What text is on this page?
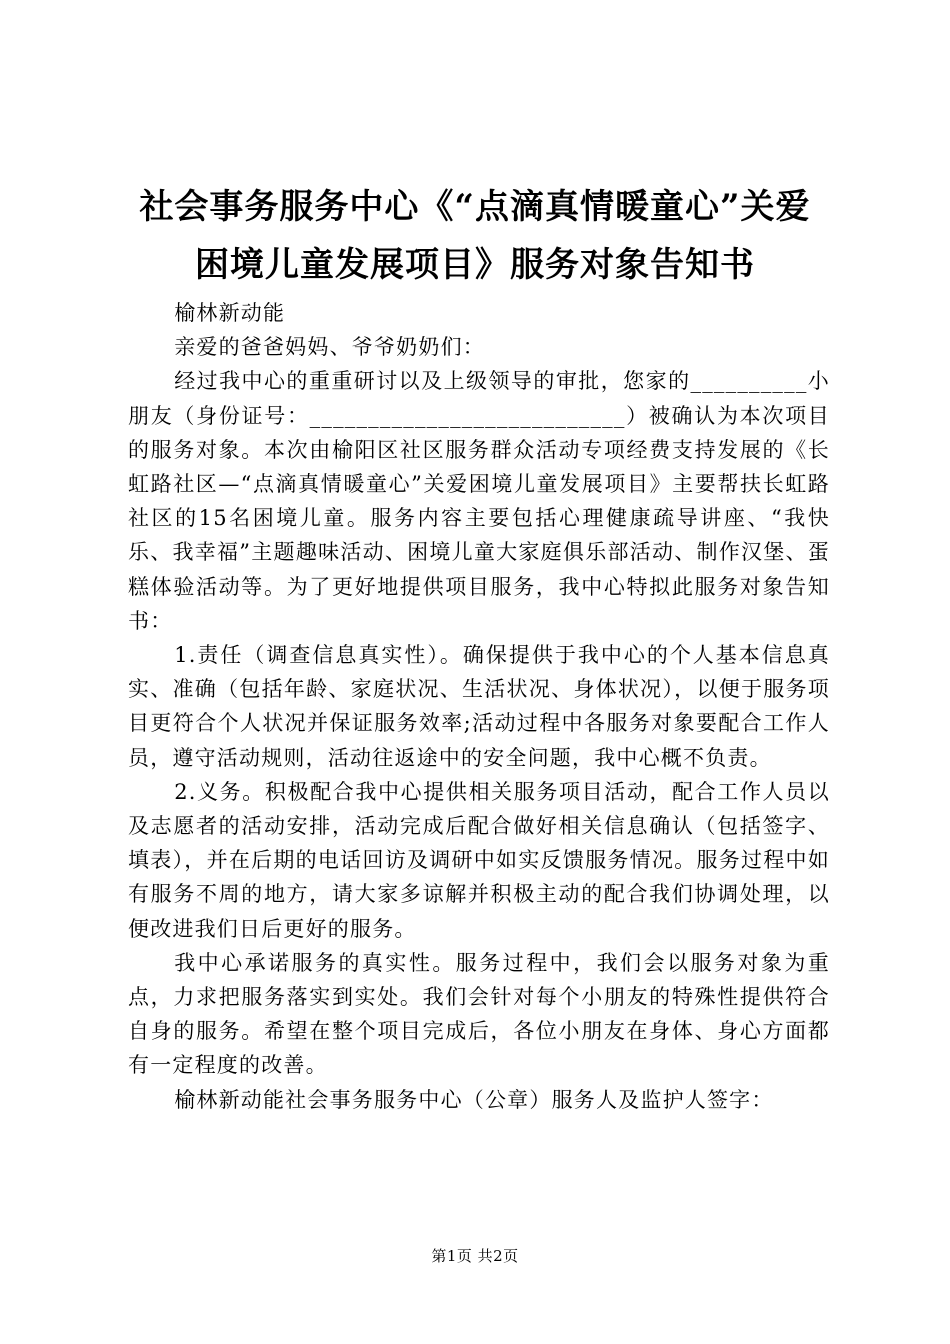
社会事务服务中心《“点滴真情暖童心”关爱
困境儿童发展项目》服务对象告知书

榆林新动能

亲爱的爸爸妈妈、爷爷奶奶们：

经过我中心的重重研讨以及上级领导的审批，您家的__________小朋友（身份证号：___________________________）被确认为本次项目的服务对象。本次由榆阳区社区服务群众活动专项经费支持发展的《长虹路社区—“点滴真情暖童心”关爱困境儿童发展项目》主要帮扶长虹路社区的15名困境儿童。服务内容主要包括心理健康疏导讲座、“我快乐、我幸福”主题趣味活动、困境儿童大家庭俱乐部活动、制作汉堡、蛋糕体验活动等。为了更好地提供项目服务，我中心特拟此服务对象告知书：

1.责任（调查信息真实性）。确保提供于我中心的个人基本信息真实、准确（包括年龄、家庭状况、生活状况、身体状况），以便于服务项目更符合个人状况并保证服务效率;活动过程中各服务对象要配合工作人员，遵守活动规则，活动往返途中的安全问题，我中心概不负责。

2.义务。积极配合我中心提供相关服务项目活动，配合工作人员以及志愿者的活动安排，活动完成后配合做好相关信息确认（包括签字、填表），并在后期的电话回访及调研中如实反馈服务情况。服务过程中如有服务不周的地方，请大家多谅解并积极主动的配合我们协调处理，以便改进我们日后更好的服务。

我中心承诺服务的真实性。服务过程中，我们会以服务对象为重点，力求把服务落实到实处。我们会针对每个小朋友的特殊性提供符合自身的服务。希望在整个项目完成后，各位小朋友在身体、身心方面都有一定程度的改善。

榆林新动能社会事务服务中心（公章）服务人及监护人签字：

第1页 共2页
